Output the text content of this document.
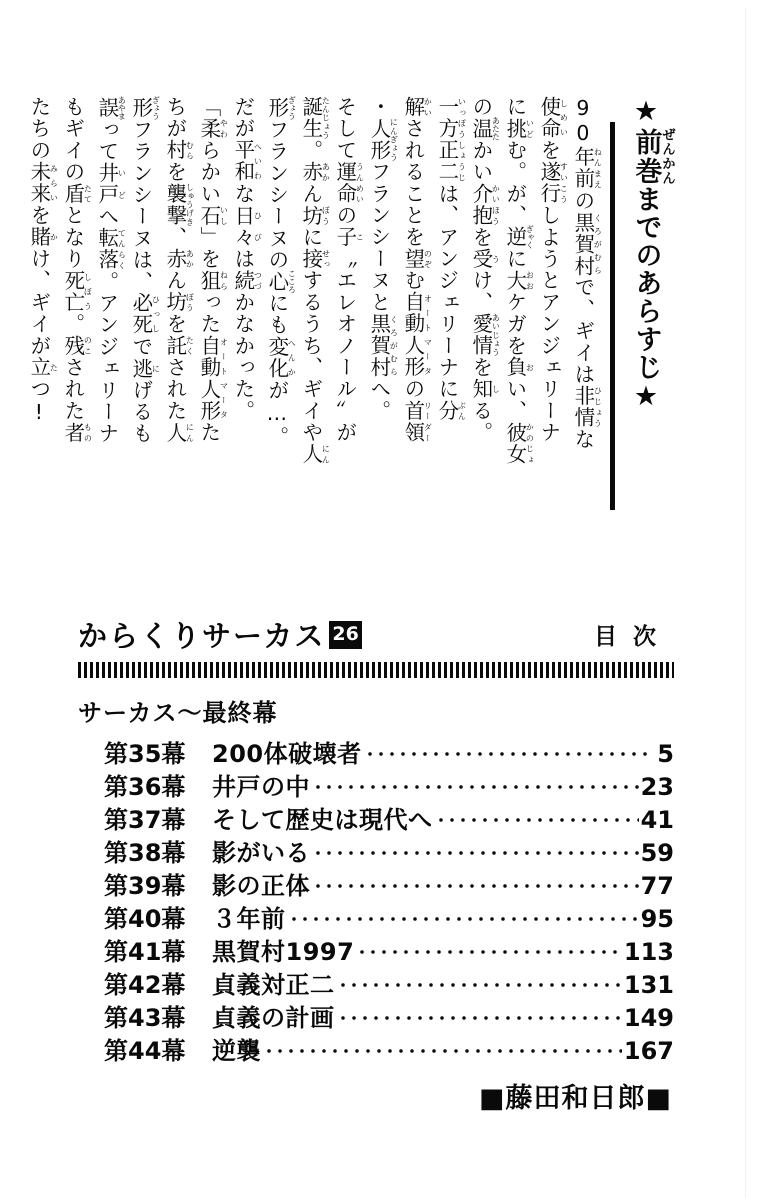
★前巻ぜんかんまでのあらすじ★
90年前ねんまえの黒賀村くろがむらで、ギイは非情ひじょうな
使命しめいを遂行すいこうしようとアンジェリーナ
に挑いどむ。が、逆ぎゃくに大おおケガを負おい、彼女かのじょ
の温あたたかい介抱かいほうを受うけ、愛情あいじょうを知しる。
一方いっぽう正二しょうじは、アンジェリーナに分ぶん
解かいされることを望のぞむ自動人形オートマータの首領リーダー
・人形にんぎょうフランシーヌと黒賀村くろがむらへ。
そして運命うんめいの子こ〝エレオノール〟が
誕生たんじょう。赤あかん坊ぼうに接せっするうち、ギイや人にん
形ぎょうフランシーヌの心こころにも変化へんかが…。
だが平和へいわな日々ひびは続つづかなかった。
「柔やわらかい石いし」を狙ねらった自動人形オートマータた
ちが村むらを襲撃しゅうげき、赤あかん坊ぼうを託たくされた人にん
形ぎょうフランシーヌは、必死ひっしで逃にげるも
誤あやまって井戸いどへ転落てんらく。アンジェリーナ
もギイの盾たてとなり死亡しぼう。残のこされた者もの
たちの未来みらいを賭かけ、ギイが立たつ!
からくりサーカス 26	目次
サーカス〜最終幕
第35幕	200体破壊者	5
第36幕	井戸の中	23
第37幕	そして歴史は現代へ	41
第38幕	影がいる	59
第39幕	影の正体	77
第40幕	３年前	95
第41幕	黒賀村1997	113
第42幕	貞義対正二	131
第43幕	貞義の計画	149
第44幕	逆襲	167
■藤田和日郎■
